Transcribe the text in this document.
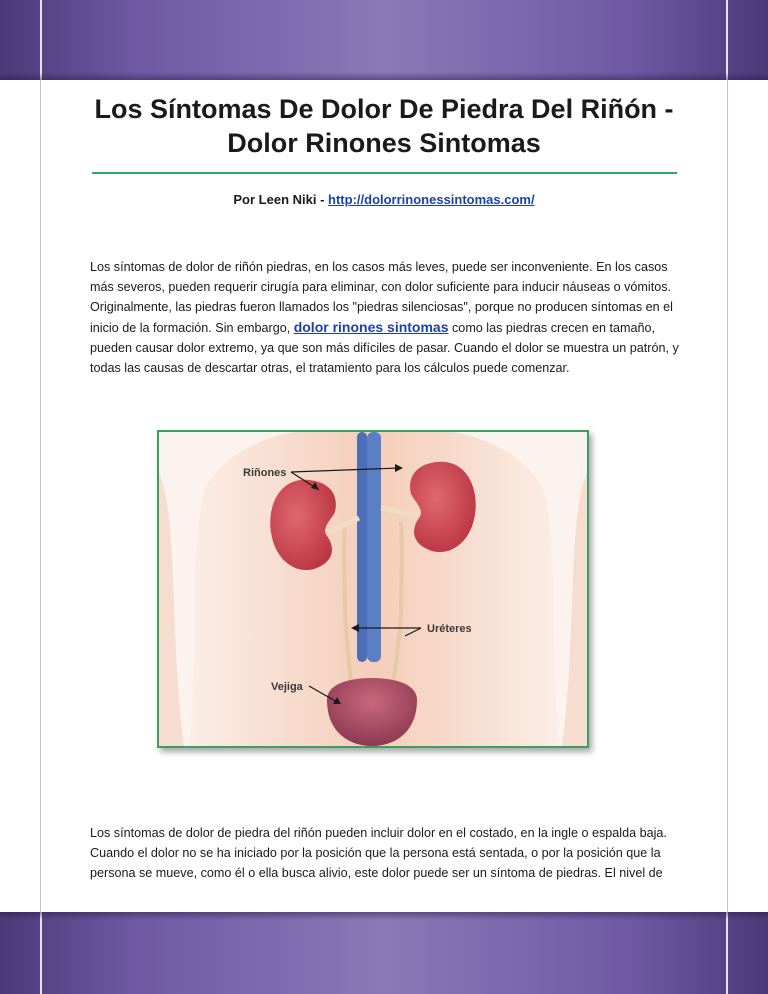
Los Síntomas De Dolor De Piedra Del Riñón - Dolor Rinones Sintomas
Por Leen Niki - http://dolorrinonessintomas.com/

Los síntomas de dolor de riñón piedras, en los casos más leves, puede ser inconveniente. En los casos más severos, pueden requerir cirugía para eliminar, con dolor suficiente para inducir náuseas o vómitos. Originalmente, las piedras fueron llamados los "piedras silenciosas", porque no producen síntomas en el inicio de la formación. Sin embargo, dolor rinones sintomas como las piedras crecen en tamaño, pueden causar dolor extremo, ya que son más difíciles de pasar. Cuando el dolor se muestra un patrón, y todas las causas de descartar otras, el tratamiento para los cálculos puede comenzar.

Riñones
Uréteres
Vejiga

Los síntomas de dolor de piedra del riñón pueden incluir dolor en el costado, en la ingle o espalda baja. Cuando el dolor no se ha iniciado por la posición que la persona está sentada, o por la posición que la persona se mueve, como él o ella busca alivio, este dolor puede ser un síntoma de piedras. El nivel de
